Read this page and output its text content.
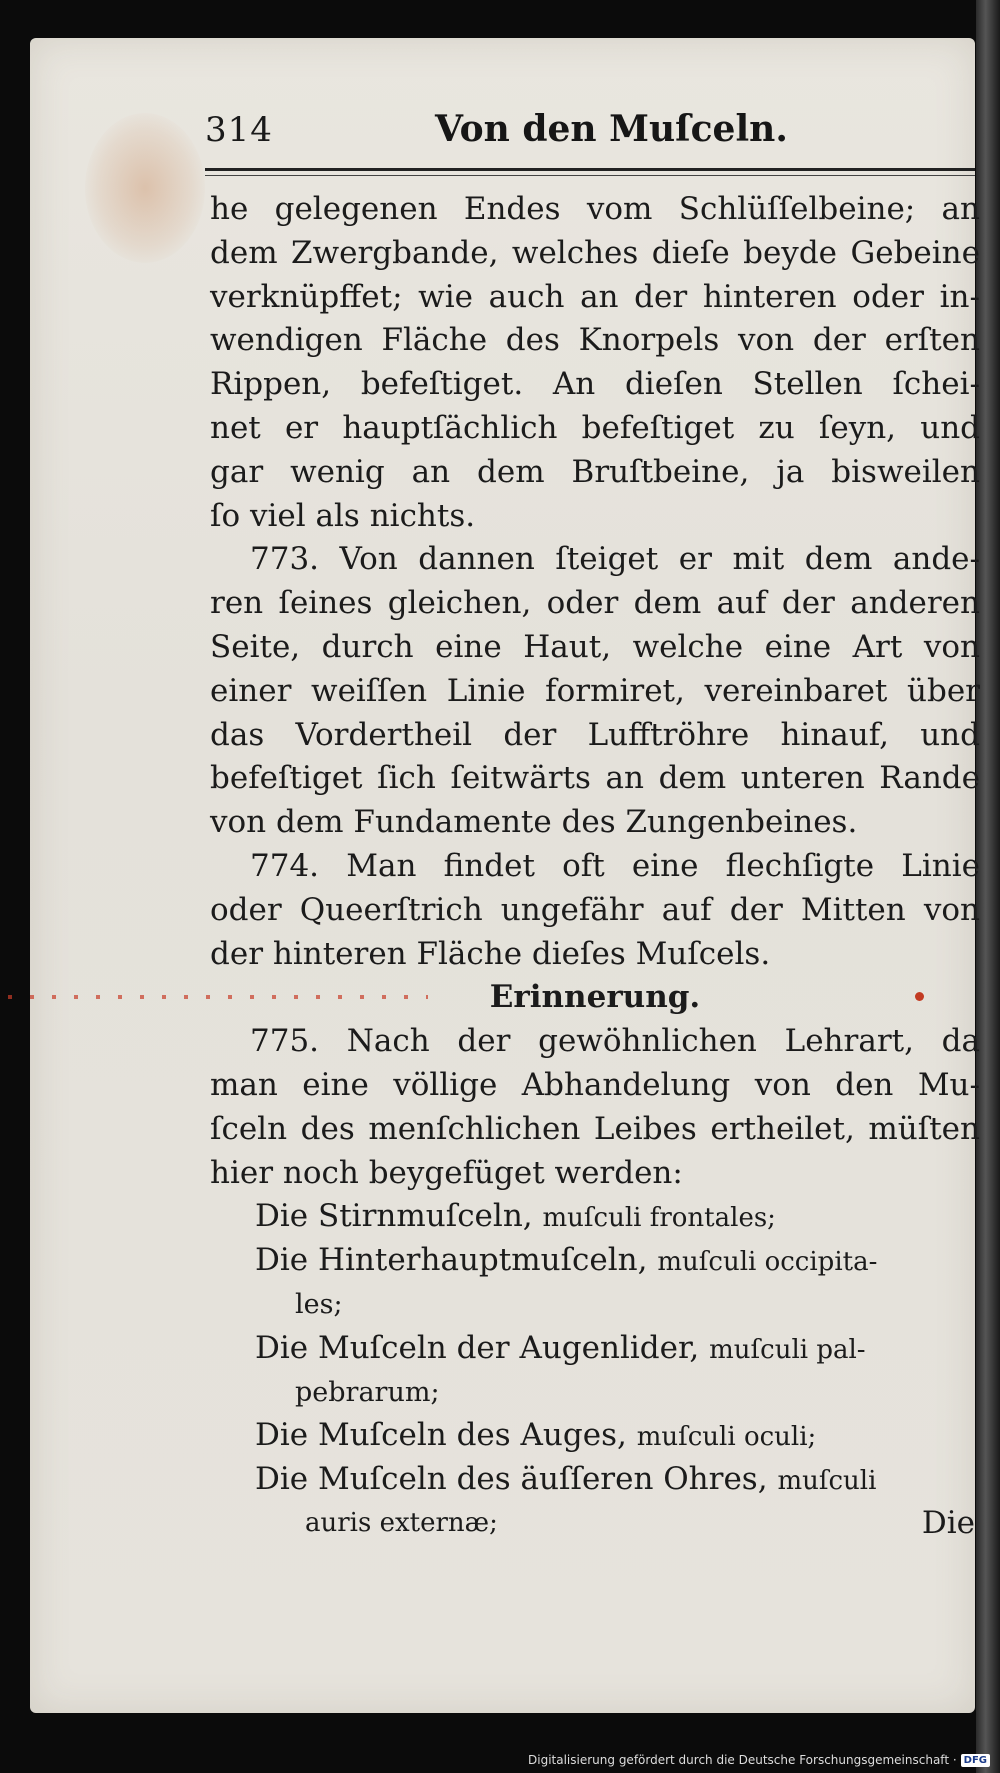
314	Von den Muſceln.
he gelegenen Endes vom Schlüſſelbeine; an
dem Zwergbande, welches dieſe beyde Gebeine
verknüpffet; wie auch an der hinteren oder in-
wendigen Fläche des Knorpels von der erſten
Rippen, befeſtiget. An dieſen Stellen ſchei-
net er hauptſächlich befeſtiget zu ſeyn, und
gar wenig an dem Bruſtbeine, ja bisweilen
ſo viel als nichts.
773. Von dannen ſteiget er mit dem ande-
ren ſeines gleichen, oder dem auf der anderen
Seite, durch eine Haut, welche eine Art von
einer weiſſen Linie formiret, vereinbaret über
das Vordertheil der Lufftröhre hinauf, und
befeſtiget ſich ſeitwärts an dem unteren Rande
von dem Fundamente des Zungenbeines.
774. Man findet oft eine flechſigte Linie
oder Queerſtrich ungefähr auf der Mitten von
der hinteren Fläche dieſes Muſcels.
Erinnerung.
775. Nach der gewöhnlichen Lehrart, da
man eine völlige Abhandelung von den Mu-
ſceln des menſchlichen Leibes ertheilet, müſten
hier noch beygefüget werden:
Die Stirnmuſceln, muſculi frontales;
Die Hinterhauptmuſceln, muſculi occipita-
les;
Die Muſceln der Augenlider, muſculi pal-
pebrarum;
Die Muſceln des Auges, muſculi oculi;
Die Muſceln des äuſſeren Ohres, muſculi
auris externæ;	Die
Digitalisierung gefördert durch die Deutsche Forschungsgemeinschaft · DFG
